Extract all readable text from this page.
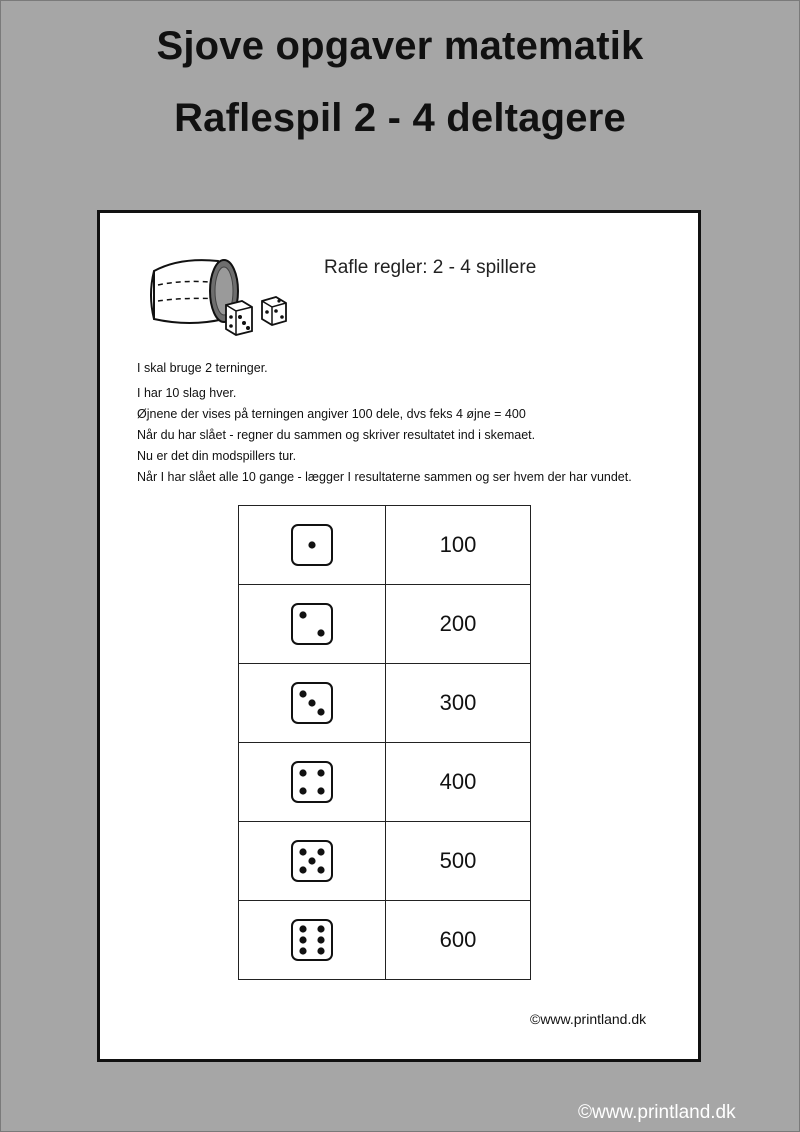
Sjove opgaver matematik
Raflespil 2 - 4 deltagere
Rafle regler: 2 - 4 spillere
I skal bruge 2 terninger.
I har 10 slag hver.
Øjnene der vises på terningen angiver 100 dele, dvs feks 4 øjne = 400
Når du har slået - regner du sammen og skriver resultatet ind i skemaet.
Nu er det din modspillers tur.
Når I har slået alle 10 gange - lægger I resultaterne sammen og ser hvem der har vundet.
	100

	200

	300

	400

	500

	600
©www.printland.dk
©www.printland.dk
